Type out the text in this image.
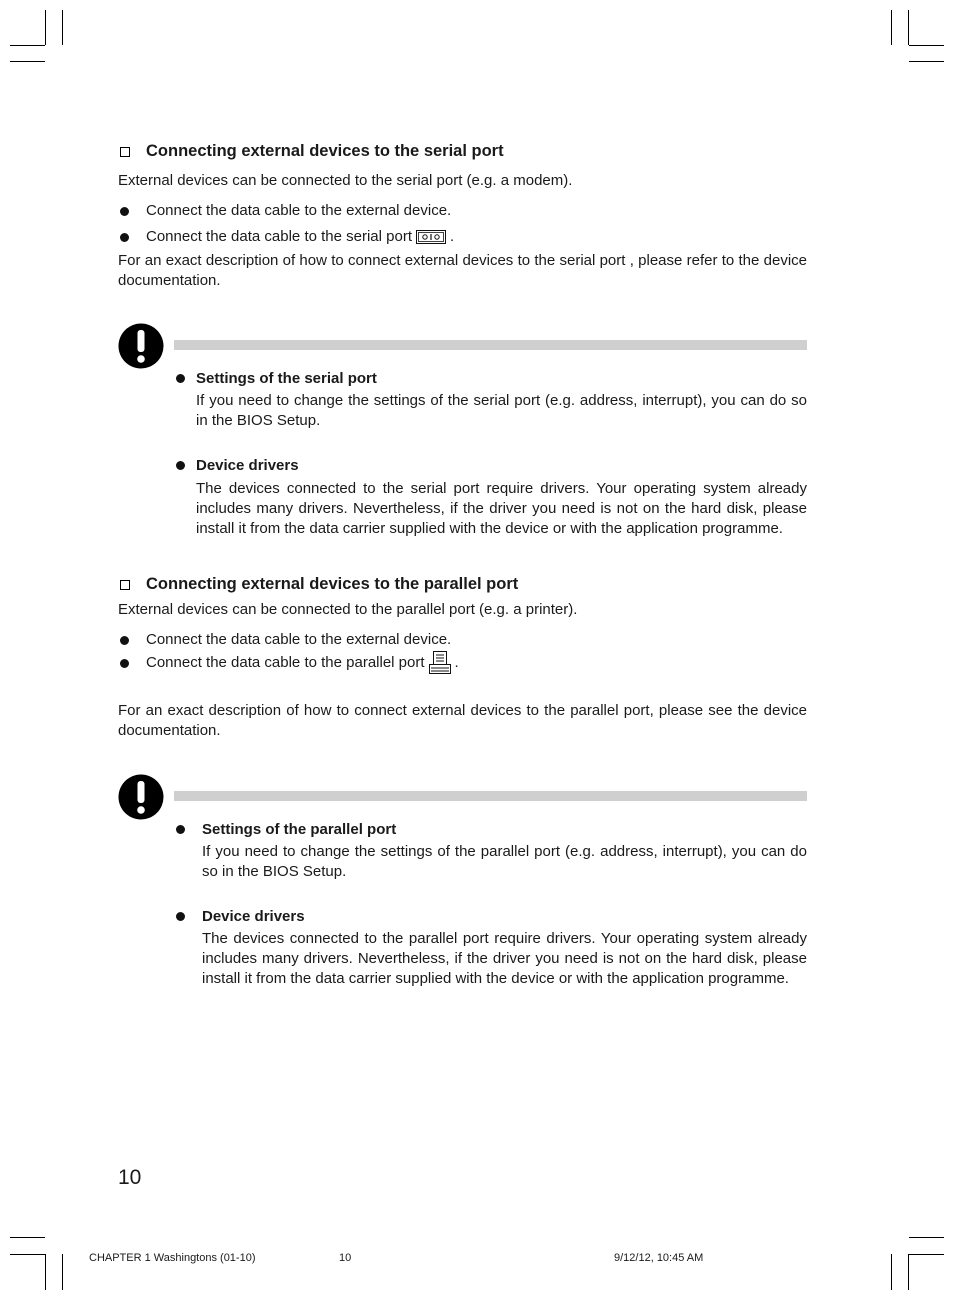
Connecting external devices to the serial port
External devices can be connected to the serial port (e.g. a modem).
Connect the data cable to the external device.
Connect the data cable to the serial port	.
For an exact description of how to connect external devices to the serial port , please refer to the device documentation.
Settings of the serial port
If you need to change the settings of the serial port (e.g. address, interrupt), you can do so in the BIOS Setup.
Device drivers
The devices connected to the serial port require drivers. Your operating system already includes many drivers. Nevertheless, if the driver you need is not on the hard disk, please install it from the data carrier supplied with the device or with the application programme.
Connecting external devices to the parallel port
External devices can be connected to the parallel port (e.g. a printer).
Connect the data cable to the external device.
Connect the data cable to the parallel port .
For an exact description of how to connect external devices to the parallel port, please see the device documentation.
Settings of the parallel port
If you need to change the settings of the parallel port (e.g. address, interrupt), you can do so in the BIOS Setup.
Device drivers
The devices connected to the parallel port require drivers. Your operating system already includes many drivers. Nevertheless, if the driver you need is not on the hard disk, please install it from the data carrier supplied with the device or with the application programme.
10
CHAPTER 1 Washingtons (01-10)	10	9/12/12, 10:45 AM
